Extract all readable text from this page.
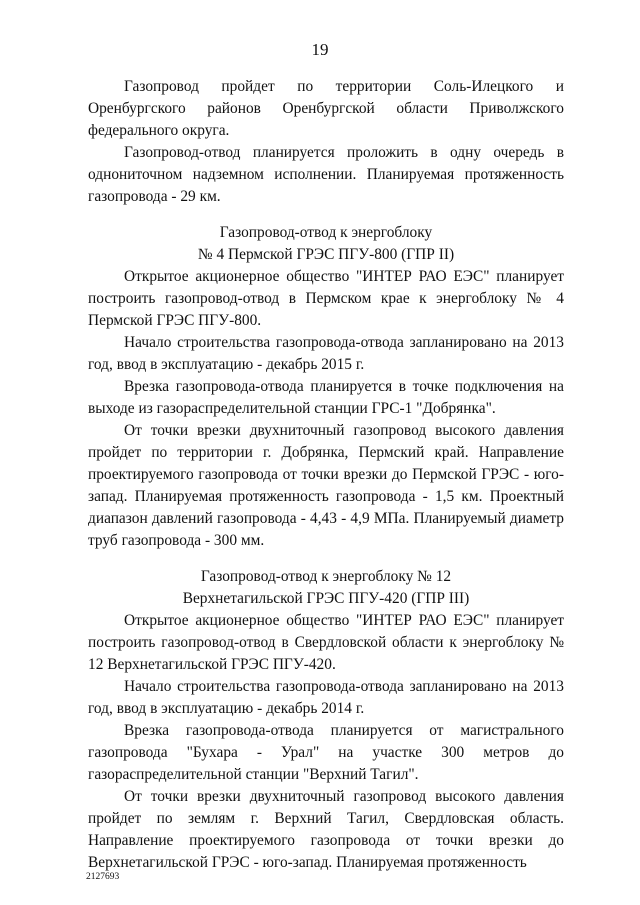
19

Газопровод пройдет по территории Соль-Илецкого и Оренбургского районов Оренбургской области Приволжского федерального округа.

Газопровод-отвод планируется проложить в одну очередь в однониточном надземном исполнении. Планируемая протяженность газопровода - 29 км.

Газопровод-отвод к энергоблоку
№ 4 Пермской ГРЭС ПГУ-800 (ГПР II)

Открытое акционерное общество "ИНТЕР РАО ЕЭС" планирует построить газопровод-отвод в Пермском крае к энергоблоку № 4 Пермской ГРЭС ПГУ-800.

Начало строительства газопровода-отвода запланировано на 2013 год, ввод в эксплуатацию - декабрь 2015 г.

Врезка газопровода-отвода планируется в точке подключения на выходе из газораспределительной станции ГРС-1 "Добрянка".

От точки врезки двухниточный газопровод высокого давления пройдет по территории г. Добрянка, Пермский край. Направление проектируемого газопровода от точки врезки до Пермской ГРЭС - юго-запад. Планируемая протяженность газопровода - 1,5 км. Проектный диапазон давлений газопровода - 4,43 - 4,9 МПа. Планируемый диаметр труб газопровода - 300 мм.

Газопровод-отвод к энергоблоку № 12
Верхнетагильской ГРЭС ПГУ-420 (ГПР III)

Открытое акционерное общество "ИНТЕР РАО ЕЭС" планирует построить газопровод-отвод в Свердловской области к энергоблоку № 12 Верхнетагильской ГРЭС ПГУ-420.

Начало строительства газопровода-отвода запланировано на 2013 год, ввод в эксплуатацию - декабрь 2014 г.

Врезка газопровода-отвода планируется от магистрального газопровода "Бухара - Урал" на участке 300 метров до газораспределительной станции "Верхний Тагил".

От точки врезки двухниточный газопровод высокого давления пройдет по землям г. Верхний Тагил, Свердловская область. Направление проектируемого газопровода от точки врезки до Верхнетагильской ГРЭС - юго-запад. Планируемая протяженность

2127693
